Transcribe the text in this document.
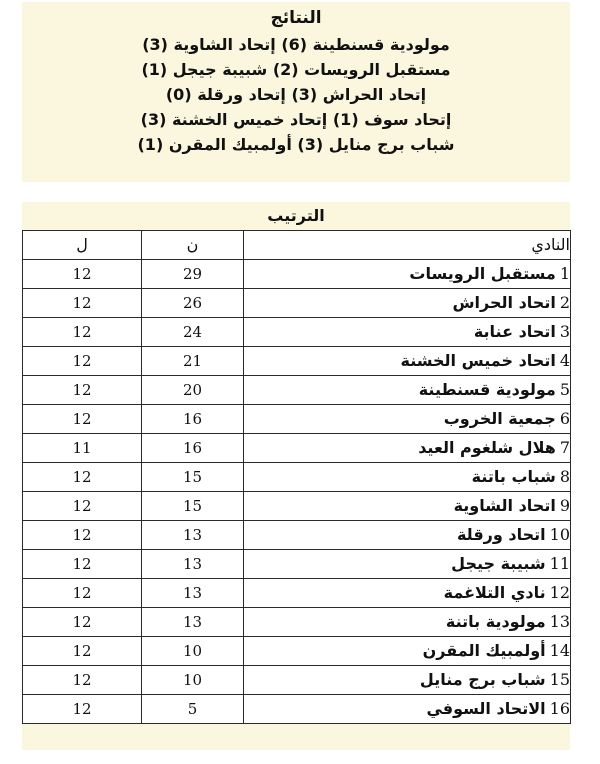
النتائج
مولودية قسنطينة (6) إتحاد الشاوية (3)
مستقبل الرويسات (2) شبيبة جيجل (1)
إتحاد الحراش (3) إتحاد ورقلة (0)
إتحاد سوف (1) إتحاد خميس الخشنة (3)
شباب برج منايل (3) أولمبيك المقرن (1)
الترتيب
النادي	ن	ل
1مستقبل الرويسات	29	12
2اتحاد الحراش	26	12
3اتحاد عنابة	24	12
4اتحاد خميس الخشنة	21	12
5مولودية قسنطينة	20	12
6جمعية الخروب	16	12
7هلال شلغوم العيد	16	11
8شباب باتنة	15	12
9اتحاد الشاوية	15	12
10اتحاد ورقلة	13	12
11شبيبة جيجل	13	12
12نادي التلاغمة	13	12
13مولودية باتنة	13	12
14أولمبيك المقرن	10	12
15شباب برج منايل	10	12
16الاتحاد السوفي	5	12
